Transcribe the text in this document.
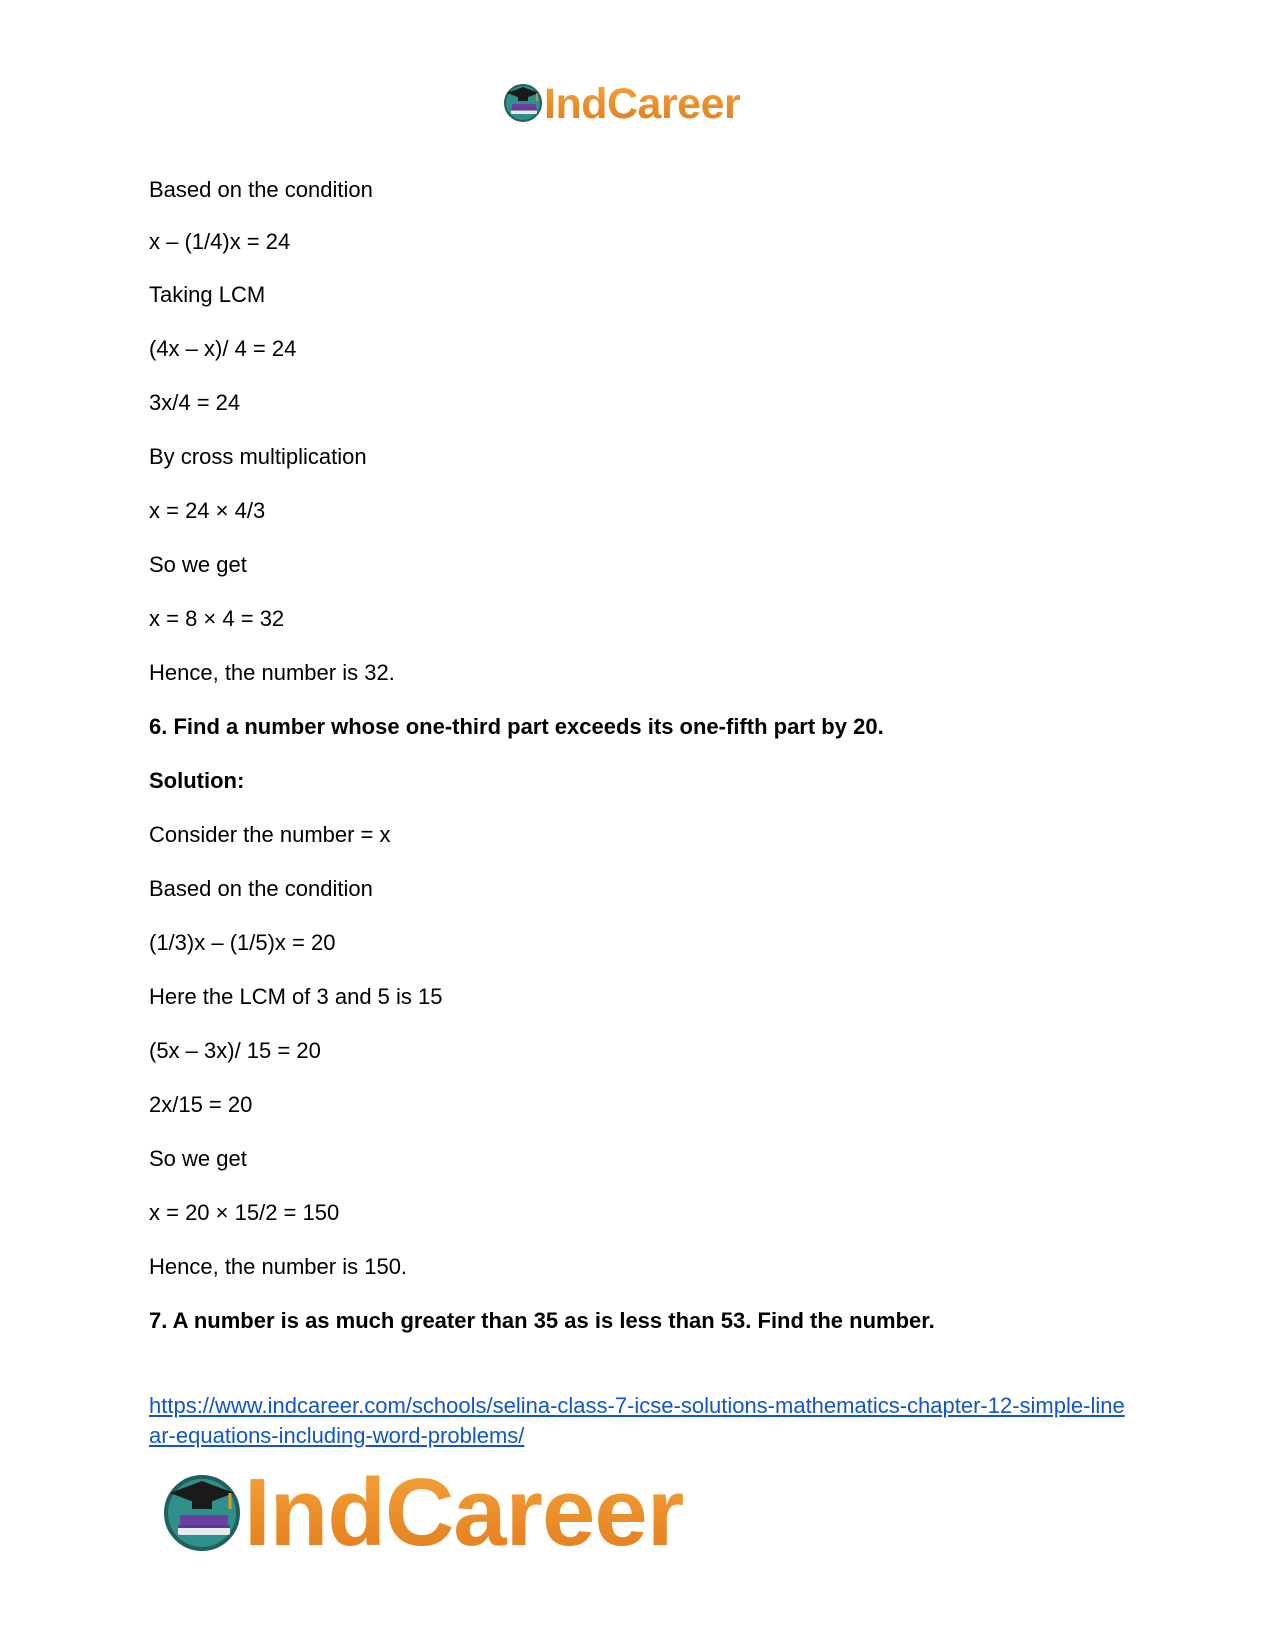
IndCareer
Based on the condition
x – (1/4)x = 24
Taking LCM
(4x – x)/ 4 = 24
3x/4 = 24
By cross multiplication
x = 24 × 4/3
So we get
x = 8 × 4 = 32
Hence, the number is 32.
6. Find a number whose one-third part exceeds its one-fifth part by 20.
Solution:
Consider the number = x
Based on the condition
(1/3)x – (1/5)x = 20
Here the LCM of 3 and 5 is 15
(5x – 3x)/ 15 = 20
2x/15 = 20
So we get
x = 20 × 15/2 = 150
Hence, the number is 150.
7. A number is as much greater than 35 as is less than 53. Find the number.
https://www.indcareer.com/schools/selina-class-7-icse-solutions-mathematics-chapter-12-simple-linear-equations-including-word-problems/
IndCareer
